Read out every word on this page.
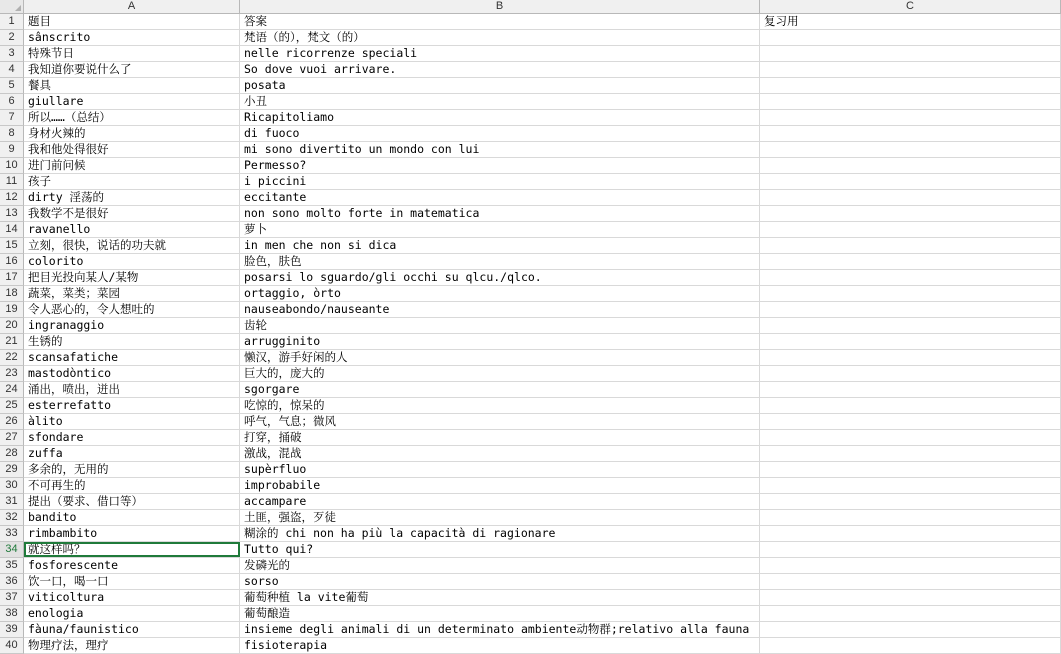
A	B	C
1	题目	答案	复习用
2	sânscrito	梵语（的），梵文（的）
3	特殊节日	nelle ricorrenze speciali
4	我知道你要说什么了	So dove vuoi arrivare.
5	餐具	posata
6	giullare	小丑
7	所以……（总结）	Ricapitoliamo
8	身材火辣的	di fuoco
9	我和他处得很好	mi sono divertito un mondo con lui
10 进门前问候	Permesso?
11 孩子	i piccini
12 dirty 淫荡的	eccitante
13 我数学不是很好	non sono molto forte in matematica
14 ravanello	萝卜
15 立刻，很快，说话的功夫就	in men che non si dica
16 colorito	脸色，肤色
17 把目光投向某人/某物	posarsi lo sguardo/gli occhi su qlcu./qlco.
18 蔬菜，菜类；菜园	ortaggio, òrto
19 令人恶心的，令人想吐的	nauseabondo/nauseante
20 ingranaggio	齿轮
21 生锈的	arrugginito
22 scansafatiche	懒汉，游手好闲的人
23 mastodòntico	巨大的，庞大的
24 涌出，喷出，迸出	sgorgare
25 esterrefatto	吃惊的，惊呆的
26 àlito	呼气，气息；微风
27 sfondare	打穿，捅破
28 zuffa	激战，混战
29 多余的，无用的	supèrfluo
30 不可再生的	improbabile
31 提出（要求、借口等）	accampare
32 bandito	土匪，强盗，歹徒
33 rimbambito	糊涂的 chi non ha più la capacità di ragionare
34 就这样吗？	Tutto qui?
35 fosforescente	发磷光的
36 饮一口，喝一口	sorso
37 viticoltura	葡萄种植 la vite葡萄
38 enologia	葡萄酿造
39 fàuna/faunistico	insieme degli animali di un determinato ambiente动物群;relativo alla fauna
40 物理疗法，理疗	fisioterapia
